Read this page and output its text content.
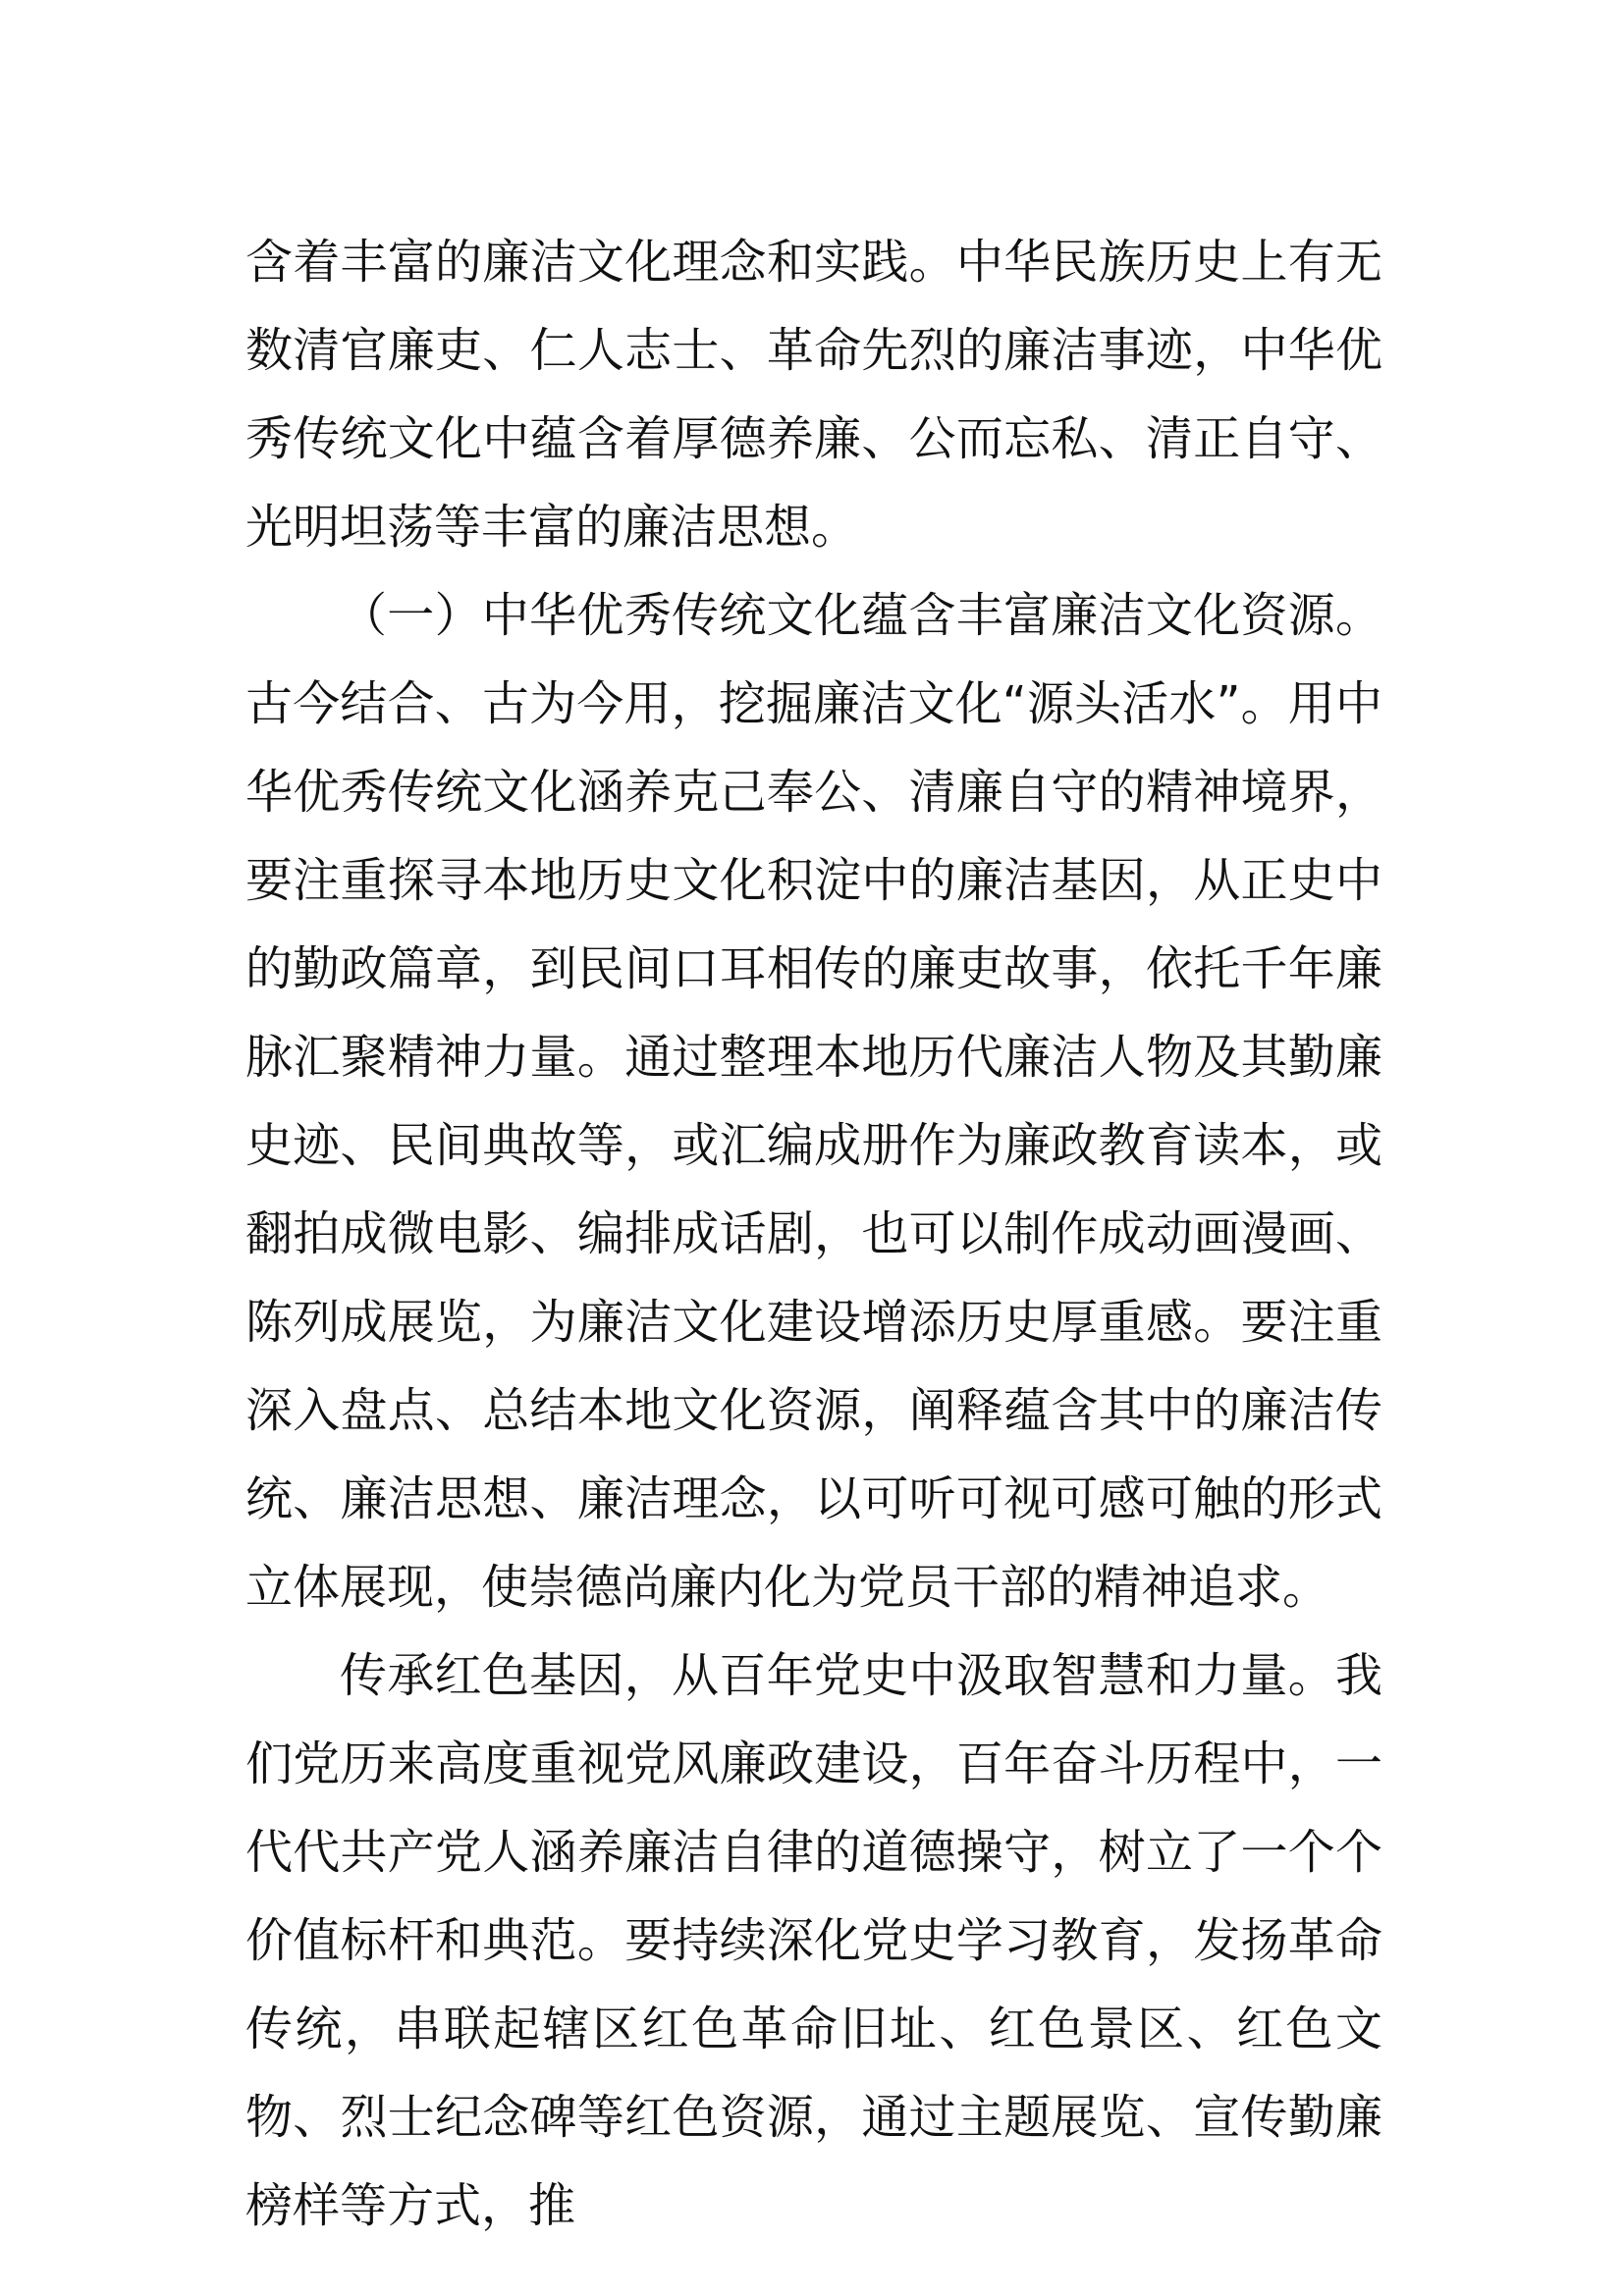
含着丰富的廉洁文化理念和实践。中华民族历史上有无数清官廉吏、仁人志士、革命先烈的廉洁事迹，中华优秀传统文化中蕴含着厚德养廉、公而忘私、清正自守、光明坦荡等丰富的廉洁思想。

（一）中华优秀传统文化蕴含丰富廉洁文化资源。古今结合、古为今用，挖掘廉洁文化“源头活水”。用中华优秀传统文化涵养克己奉公、清廉自守的精神境界，要注重探寻本地历史文化积淀中的廉洁基因，从正史中的勤政篇章，到民间口耳相传的廉吏故事，依托千年廉脉汇聚精神力量。通过整理本地历代廉洁人物及其勤廉史迹、民间典故等，或汇编成册作为廉政教育读本，或翻拍成微电影、编排成话剧，也可以制作成动画漫画、陈列成展览，为廉洁文化建设增添历史厚重感。要注重深入盘点、总结本地文化资源，阐释蕴含其中的廉洁传统、廉洁思想、廉洁理念，以可听可视可感可触的形式立体展现，使崇德尚廉内化为党员干部的精神追求。

传承红色基因，从百年党史中汲取智慧和力量。我们党历来高度重视党风廉政建设，百年奋斗历程中，一代代共产党人涵养廉洁自律的道德操守，树立了一个个价值标杆和典范。要持续深化党史学习教育，发扬革命传统，串联起辖区红色革命旧址、红色景区、红色文物、烈士纪念碑等红色资源，通过主题展览、宣传勤廉榜样等方式，推
